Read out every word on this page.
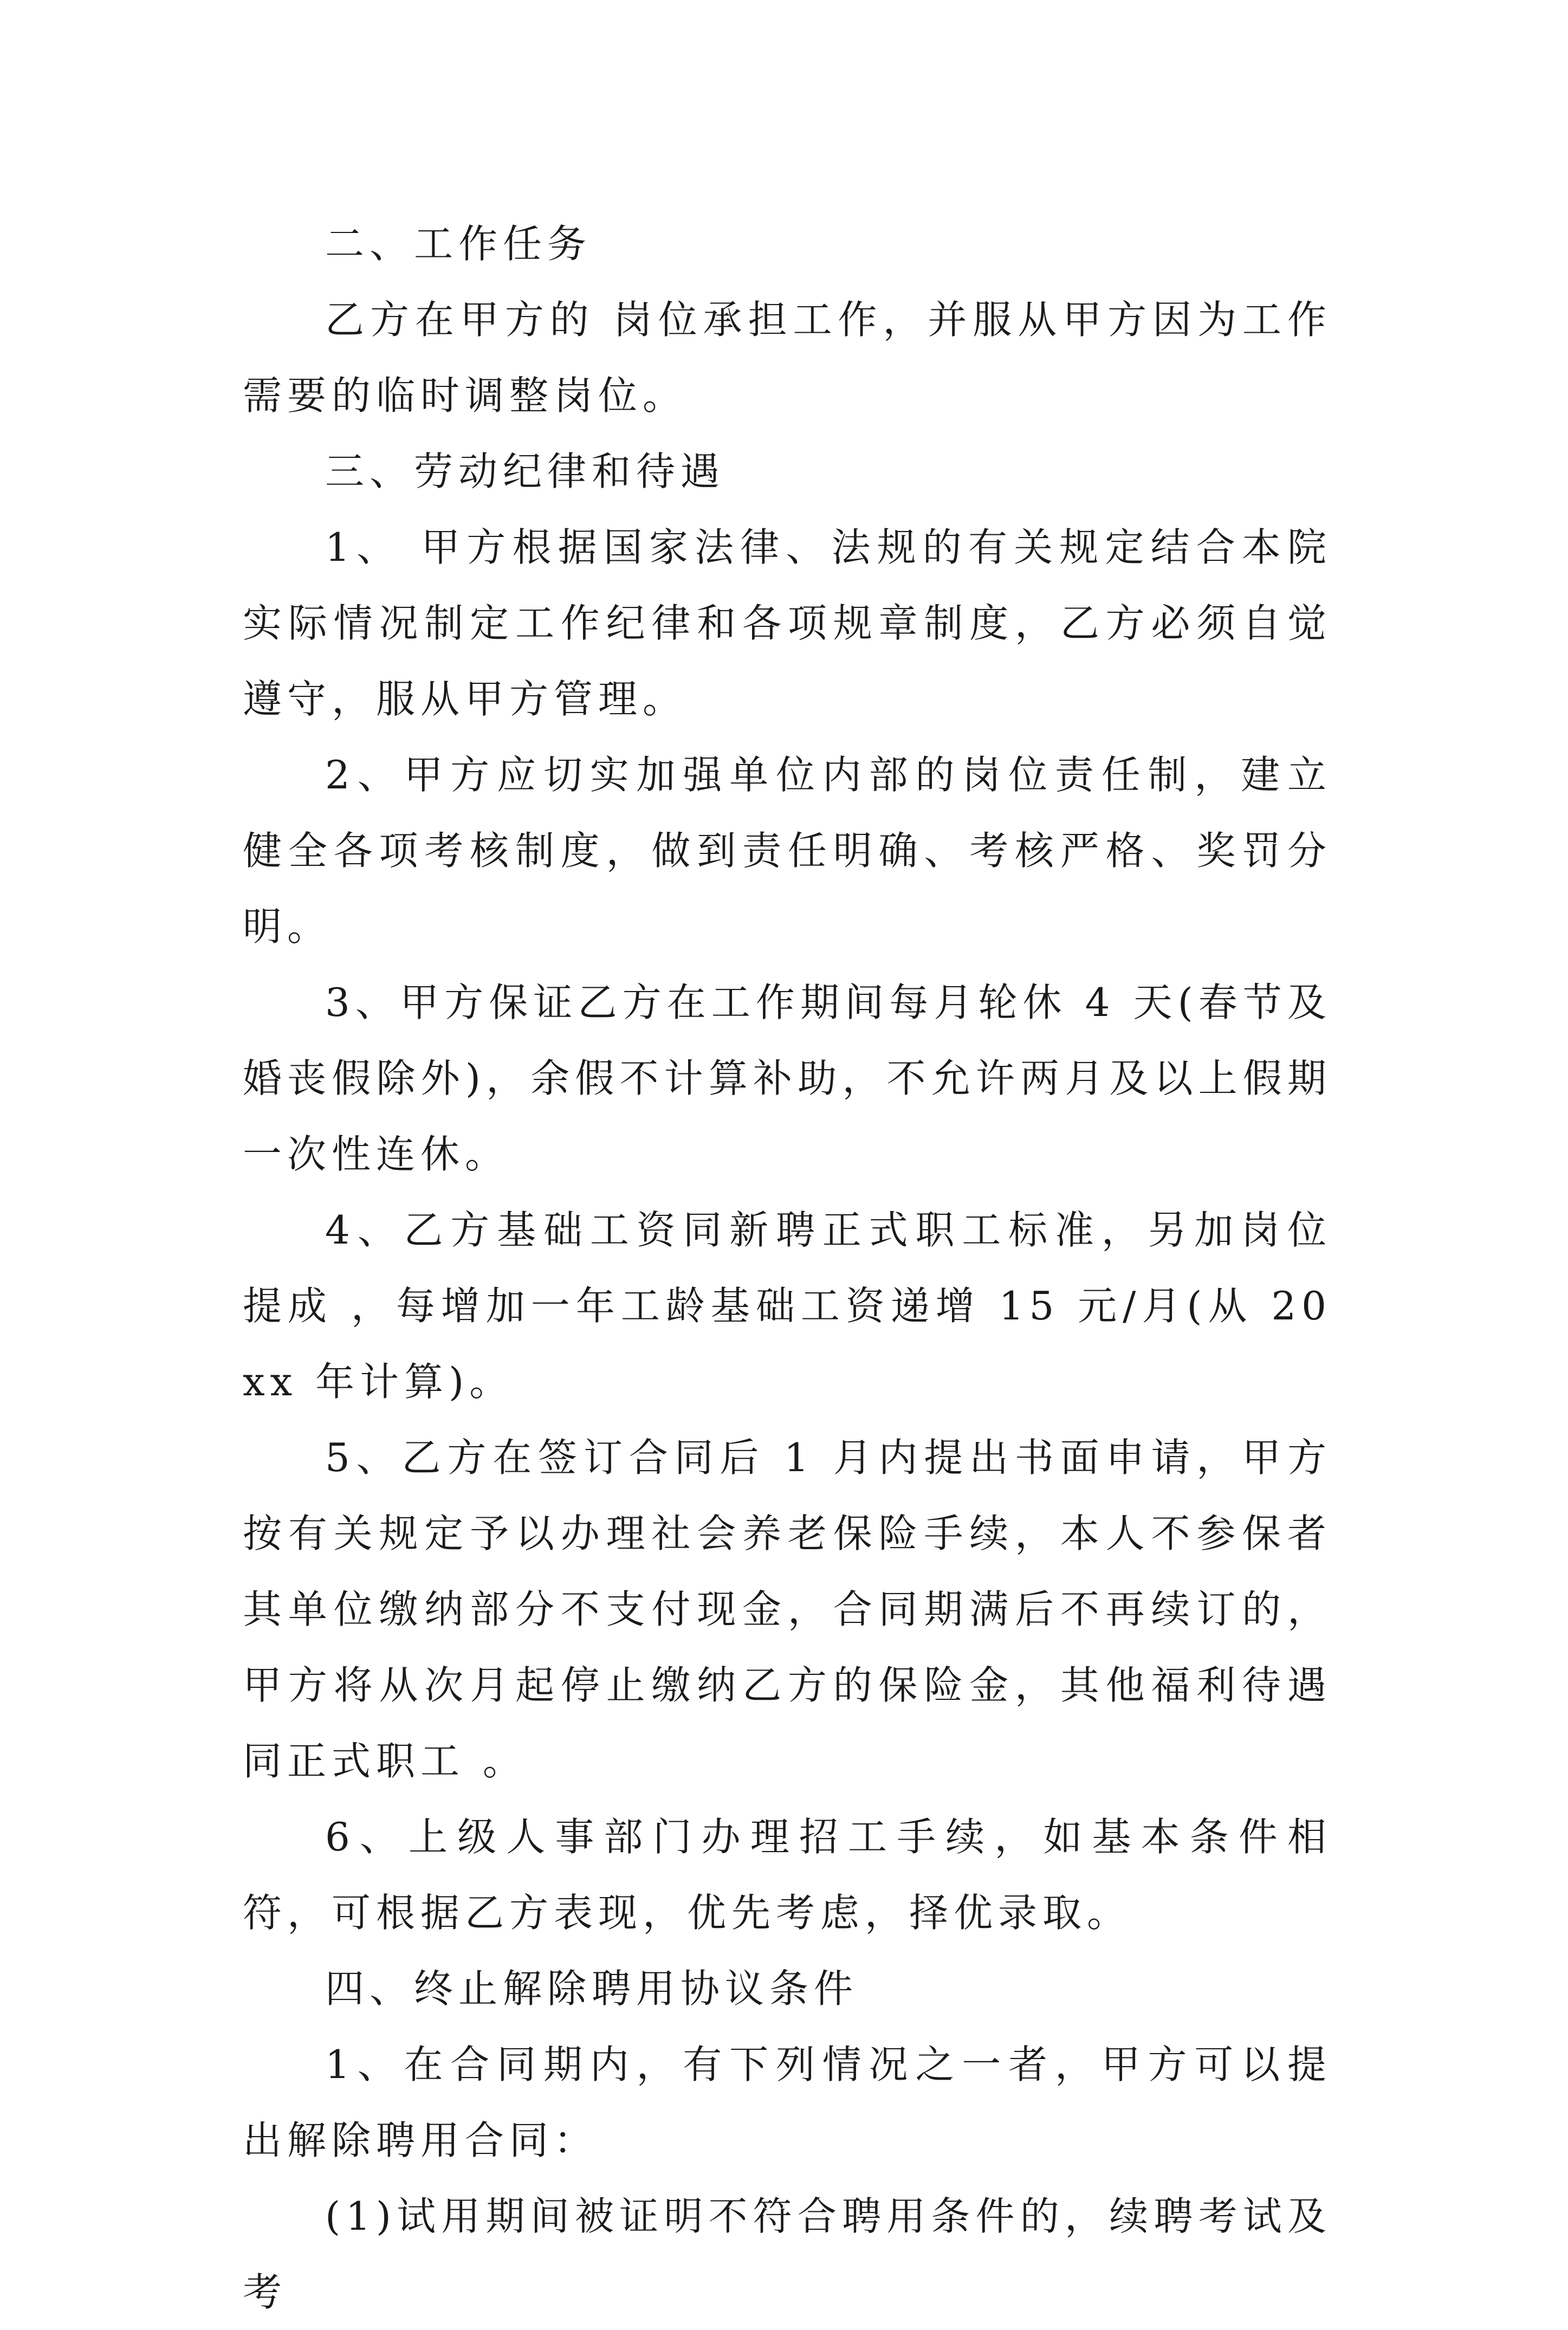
二、工作任务

乙方在甲方的 岗位承担工作，并服从甲方因为工作需要的临时调整岗位。

三、劳动纪律和待遇

1、 甲方根据国家法律、法规的有关规定结合本院实际情况制定工作纪律和各项规章制度，乙方必须自觉遵守，服从甲方管理。

2、甲方应切实加强单位内部的岗位责任制，建立健全各项考核制度，做到责任明确、考核严格、奖罚分明。

3、甲方保证乙方在工作期间每月轮休 4 天(春节及婚丧假除外)，余假不计算补助，不允许两月及以上假期一次性连休。

4、乙方基础工资同新聘正式职工标准，另加岗位提成 ，每增加一年工龄基础工资递增 15 元/月(从 20xx 年计算)。

5、乙方在签订合同后 1 月内提出书面申请，甲方按有关规定予以办理社会养老保险手续，本人不参保者其单位缴纳部分不支付现金，合同期满后不再续订的，甲方将从次月起停止缴纳乙方的保险金，其他福利待遇同正式职工 。

6、上级人事部门办理招工手续，如基本条件相符，可根据乙方表现，优先考虑，择优录取。

四、终止解除聘用协议条件

1、在合同期内，有下列情况之一者，甲方可以提出解除聘用合同：

(1)试用期间被证明不符合聘用条件的，续聘考试及考
